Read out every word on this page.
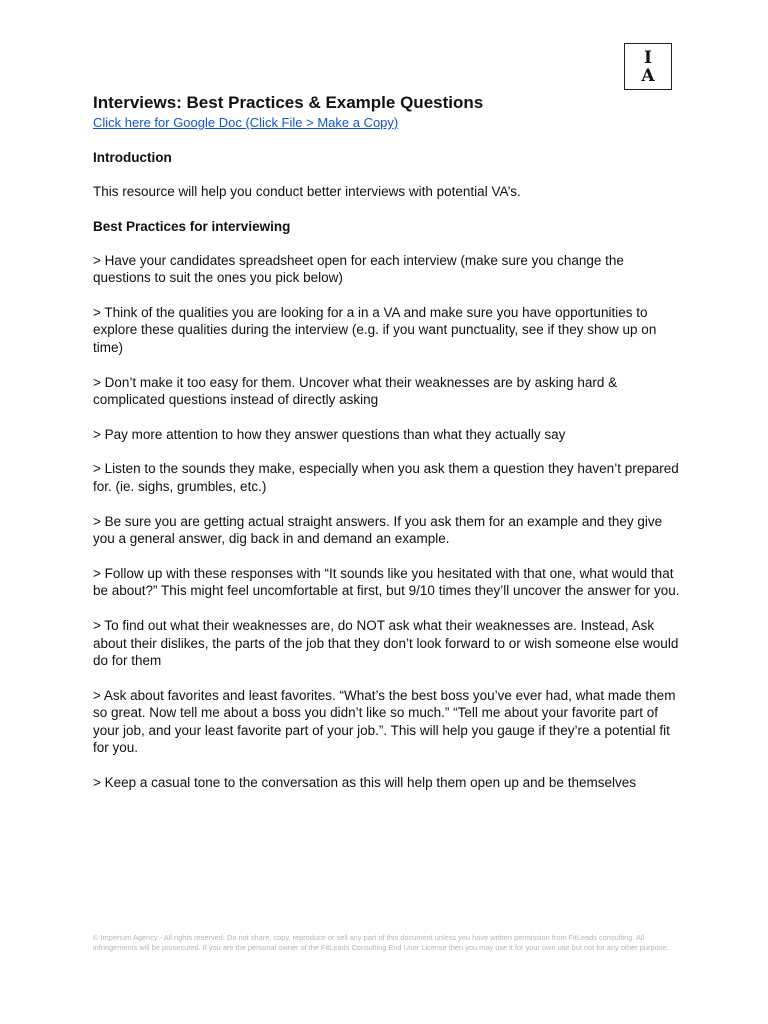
I
A
Interviews: Best Practices & Example Questions
Click here for Google Doc (Click File > Make a Copy)

Introduction

This resource will help you conduct better interviews with potential VA’s.

Best Practices for interviewing

> Have your candidates spreadsheet open for each interview (make sure you change the questions to suit the ones you pick below)

> Think of the qualities you are looking for a in a VA and make sure you have opportunities to explore these qualities during the interview (e.g. if you want punctuality, see if they show up on time)

> Don’t make it too easy for them. Uncover what their weaknesses are by asking hard & complicated questions instead of directly asking

> Pay more attention to how they answer questions than what they actually say

> Listen to the sounds they make, especially when you ask them a question they haven’t prepared for. (ie. sighs, grumbles, etc.)

> Be sure you are getting actual straight answers. If you ask them for an example and they give you a general answer, dig back in and demand an example.

> Follow up with these responses with “It sounds like you hesitated with that one, what would that be about?” This might feel uncomfortable at first, but 9/10 times they’ll uncover the answer for you.

> To find out what their weaknesses are, do NOT ask what their weaknesses are. Instead, Ask about their dislikes, the parts of the job that they don’t look forward to or wish someone else would do for them

> Ask about favorites and least favorites. “What’s the best boss you’ve ever had, what made them so great. Now tell me about a boss you didn’t like so much.” “Tell me about your favorite part of your job, and your least favorite part of your job.”. This will help you gauge if they’re a potential fit for you.

> Keep a casual tone to the conversation as this will help them open up and be themselves

© Imperium Agency - All rights reserved. Do not share, copy, reproduce or sell any part of this document unless you have written permission from FitLeads consulting. All infringements will be prosecuted. If you are the personal owner of the FitLeads Consulting End User License then you may use it for your own use but not for any other purpose.
